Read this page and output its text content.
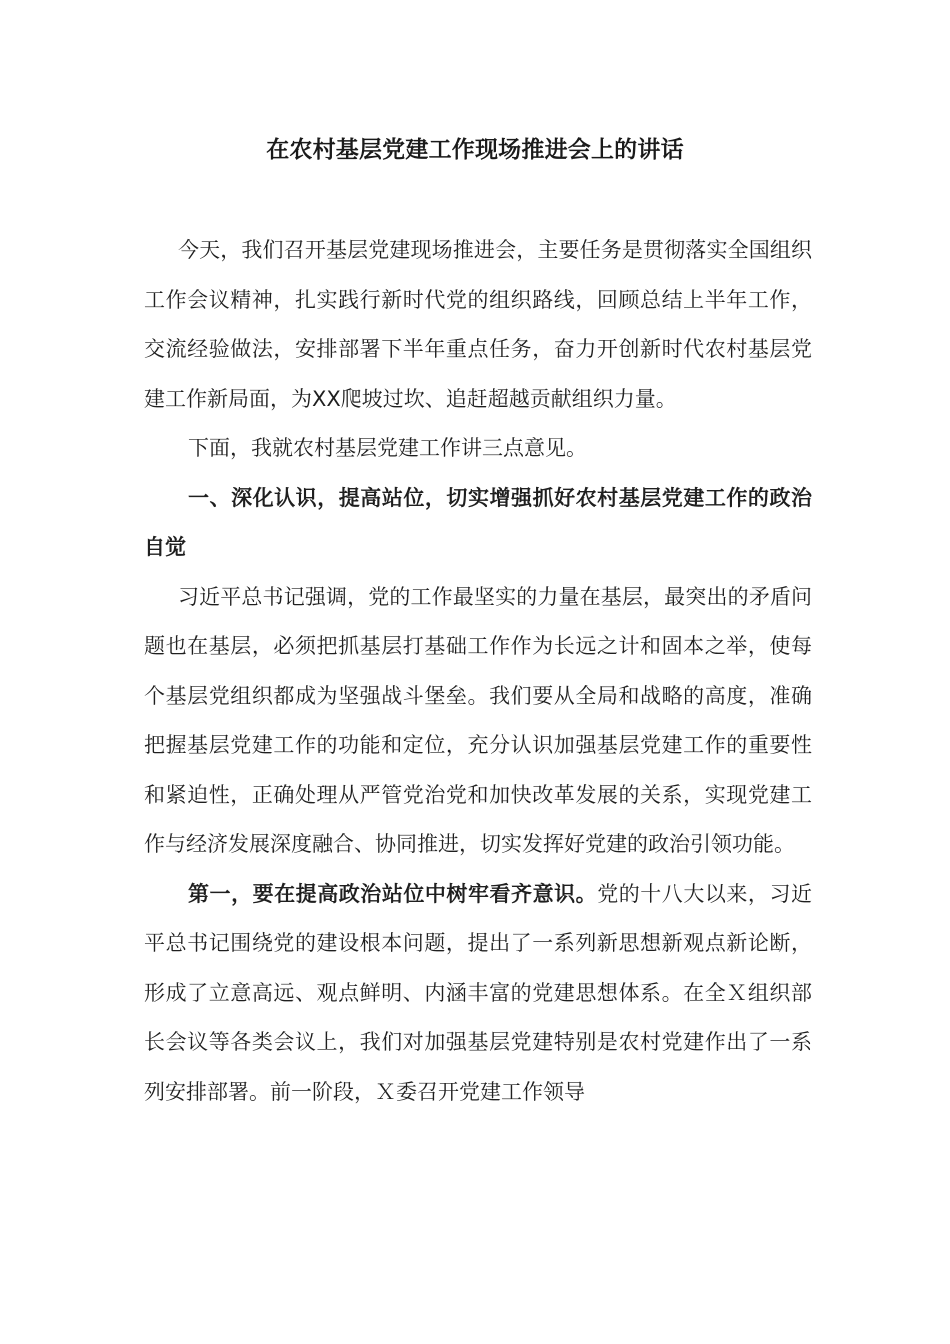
在农村基层党建工作现场推进会上的讲话

今天，我们召开基层党建现场推进会，主要任务是贯彻落实全国组织工作会议精神，扎实践行新时代党的组织路线，回顾总结上半年工作，交流经验做法，安排部署下半年重点任务，奋力开创新时代农村基层党建工作新局面，为XX爬坡过坎、追赶超越贡献组织力量。

下面，我就农村基层党建工作讲三点意见。

一、深化认识，提高站位，切实增强抓好农村基层党建工作的政治自觉

习近平总书记强调，党的工作最坚实的力量在基层，最突出的矛盾问题也在基层，必须把抓基层打基础工作作为长远之计和固本之举，使每个基层党组织都成为坚强战斗堡垒。我们要从全局和战略的高度，准确把握基层党建工作的功能和定位，充分认识加强基层党建工作的重要性和紧迫性，正确处理从严管党治党和加快改革发展的关系，实现党建工作与经济发展深度融合、协同推进，切实发挥好党建的政治引领功能。

第一，要在提高政治站位中树牢看齐意识。党的十八大以来，习近平总书记围绕党的建设根本问题，提出了一系列新思想新观点新论断，形成了立意高远、观点鲜明、内涵丰富的党建思想体系。在全Ｘ组织部长会议等各类会议上，我们对加强基层党建特别是农村党建作出了一系列安排部署。前一阶段，Ｘ委召开党建工作领导
